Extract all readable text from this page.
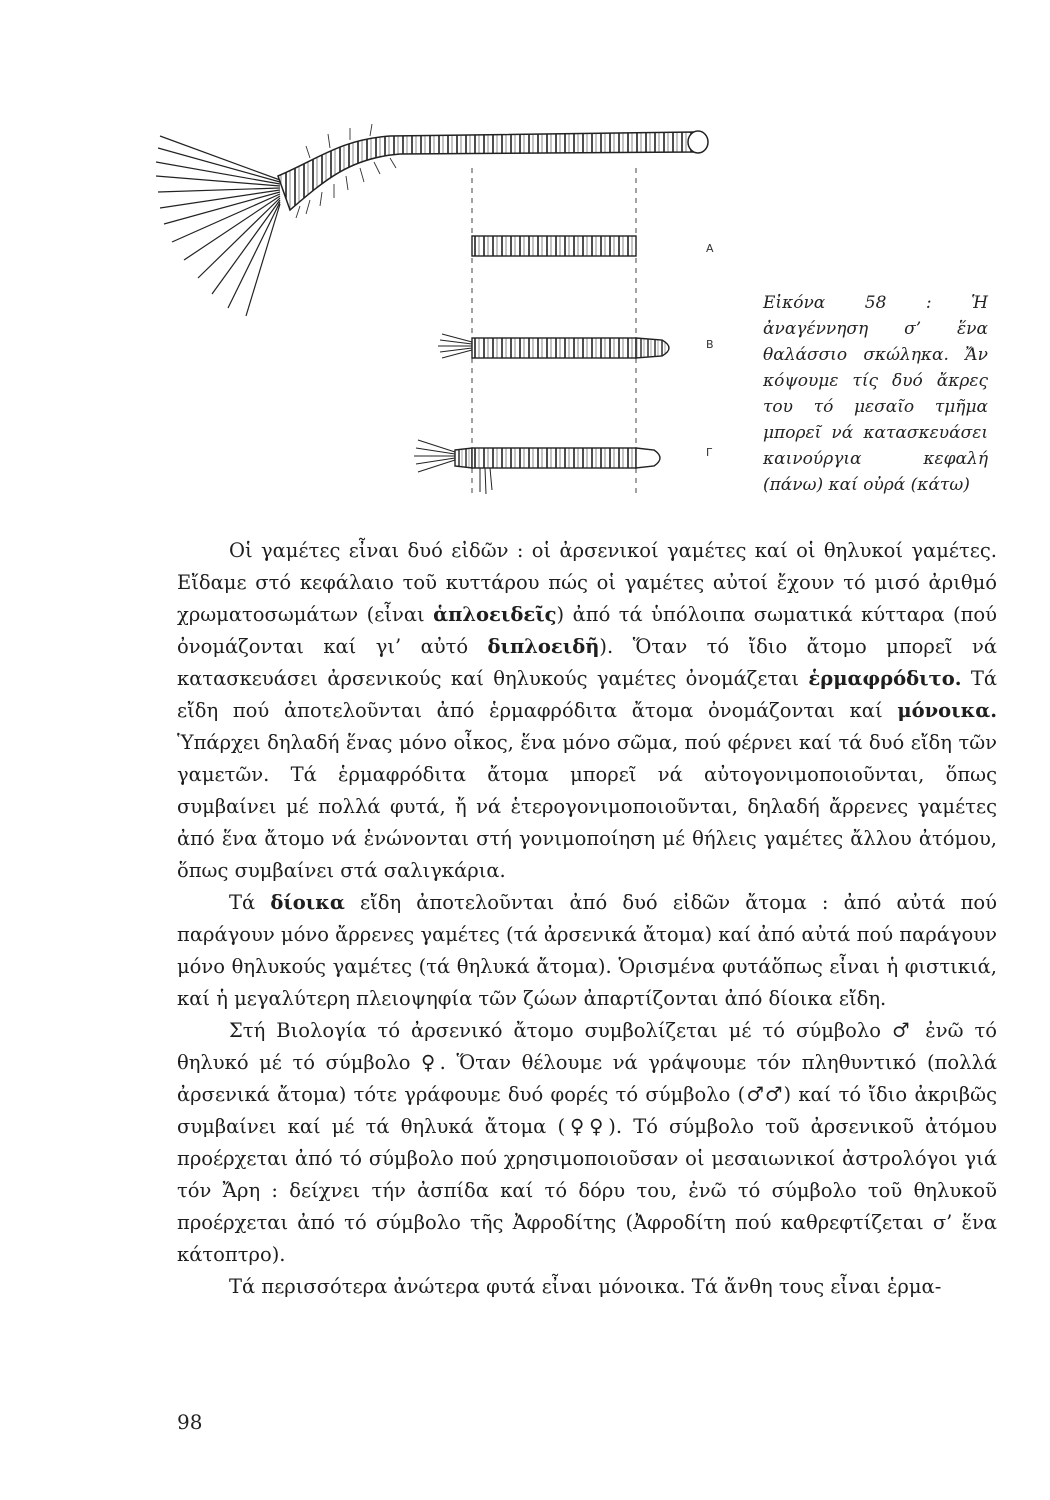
Α
Β
Γ
Εἰκόνα 58 : Ἡ ἀναγέννηση σ’ ἕνα θαλάσσιο σκώληκα. Ἄν κόψουμε τίς δυό ἄκρες του τό μεσαῖο τμῆμα μπορεῖ νά κατασκευάσει καινούργια κεφαλή (πάνω) καί οὐρά (κάτω)

Οἱ γαμέτες εἶναι δυό εἰδῶν : οἱ ἀρσενικοί γαμέτες καί οἱ θηλυκοί γαμέτες. Εἴδαμε στό κεφάλαιο τοῦ κυττάρου πώς οἱ γαμέτες αὐτοί ἔχουν τό μισό ἀριθμό χρωματοσωμάτων (εἶναι ἁπλοειδεῖς) ἀπό τά ὑπόλοιπα σωματικά κύτταρα (πού ὀνομάζονται καί γι’ αὐτό διπλοειδῆ). Ὅταν τό ἴδιο ἄτομο μπορεῖ νά κατασκευάσει ἀρσενικούς καί θηλυκούς γαμέτες ὀνομάζεται ἑρμαφρόδιτο. Τά εἴδη πού ἀποτελοῦνται ἀπό ἑρμαφρόδιτα ἄτομα ὀνομάζονται καί μόνοικα. Ὑπάρχει δηλαδή ἕνας μόνο οἶκος, ἕνα μόνο σῶμα, πού φέρνει καί τά δυό εἴδη τῶν γαμετῶν. Τά ἑρμαφρόδιτα ἄτομα μπορεῖ νά αὐτογονιμοποιοῦνται, ὅπως συμβαίνει μέ πολλά φυτά, ἤ νά ἑτερογονιμοποιοῦνται, δηλαδή ἄρρενες γαμέτες ἀπό ἕνα ἄτομο νά ἑνώνονται στή γονιμοποίηση μέ θήλεις γαμέτες ἄλλου ἀτόμου, ὅπως συμβαίνει στά σαλιγκάρια.

Τά δίοικα εἴδη ἀποτελοῦνται ἀπό δυό εἰδῶν ἄτομα : ἀπό αὐτά πού παράγουν μόνο ἄρρενες γαμέτες (τά ἀρσενικά ἄτομα) καί ἀπό αὐτά πού παράγουν μόνο θηλυκούς γαμέτες (τά θηλυκά ἄτομα). Ὁρισμένα φυτάὅπως εἶναι ἡ φιστικιά, καί ἡ μεγαλύτερη πλειοψηφία τῶν ζώων ἀπαρτίζονται ἀπό δίοικα εἴδη.

Στή Βιολογία τό ἀρσενικό ἄτομο συμβολίζεται μέ τό σύμβολο ♂ ἐνῶ τό θηλυκό μέ τό σύμβολο ♀. Ὅταν θέλουμε νά γράψουμε τόν πληθυντικό (πολλά ἀρσενικά ἄτομα) τότε γράφουμε δυό φορές τό σύμβολο (♂♂) καί τό ἴδιο ἀκριβῶς συμβαίνει καί μέ τά θηλυκά ἄτομα (♀♀). Τό σύμβολο τοῦ ἀρσενικοῦ ἀτόμου προέρχεται ἀπό τό σύμβολο πού χρησιμοποιοῦσαν οἱ μεσαιωνικοί ἀστρολόγοι γιά τόν Ἄρη : δείχνει τήν ἀσπίδα καί τό δόρυ του, ἐνῶ τό σύμβολο τοῦ θηλυκοῦ προέρχεται ἀπό τό σύμβολο τῆς Ἀφροδίτης (Ἀφροδίτη πού καθρεφτίζεται σ’ ἕνα κάτοπτρο).

Τά περισσότερα ἀνώτερα φυτά εἶναι μόνοικα. Τά ἄνθη τους εἶναι ἑρμα-

98
